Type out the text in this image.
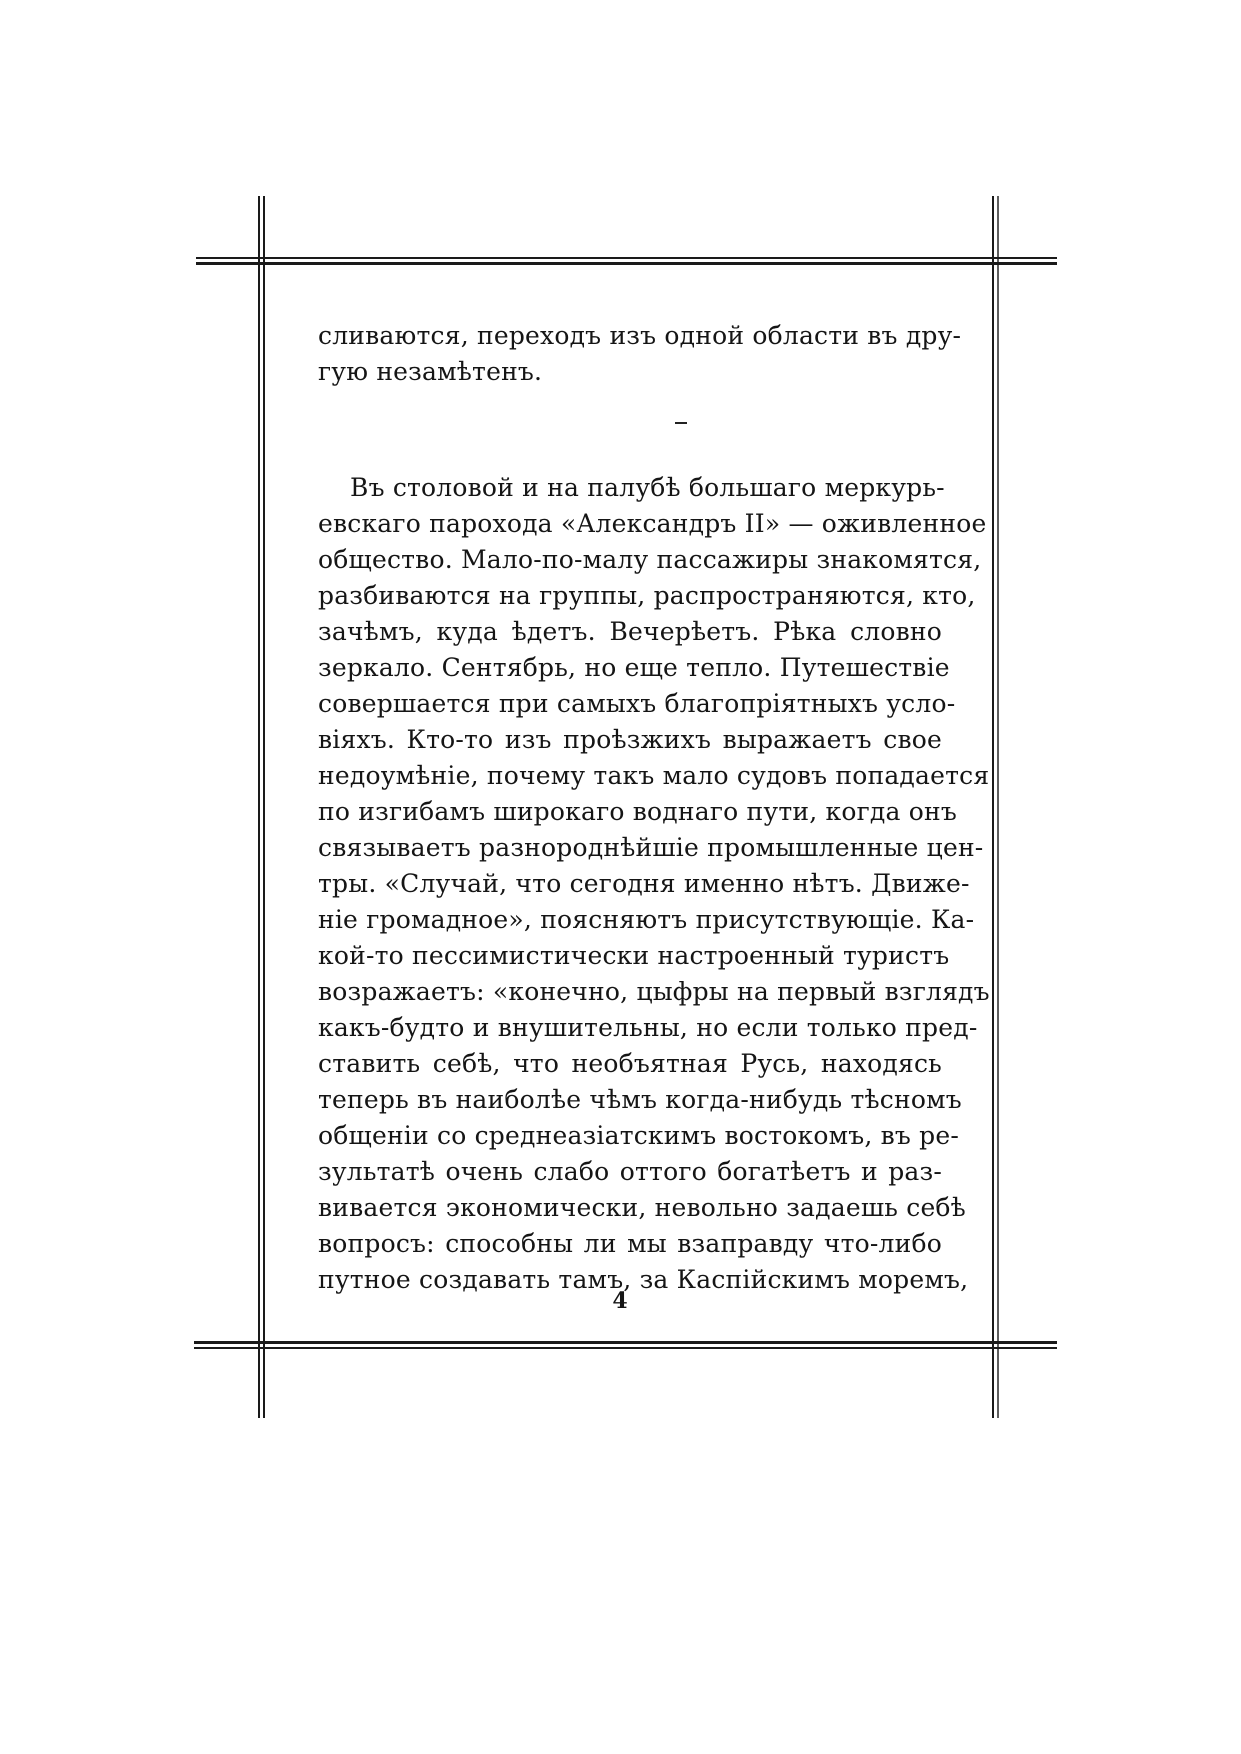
сливаются, переходъ изъ одной области въ дру-
гую незамѣтенъ.
Въ столовой и на палубѣ большаго меркурь-
евскаго парохода «Александръ II» — оживленное
общество. Мало-по-малу пассажиры знакомятся,
разбиваются на группы, распространяются, кто,
зачѣмъ, куда ѣдетъ. Вечерѣетъ. Рѣка словно
зеркало. Сентябрь, но еще тепло. Путешествіе
совершается при самыхъ благопріятныхъ усло-
віяхъ. Кто-то изъ проѣзжихъ выражаетъ свое
недоумѣніе, почему такъ мало судовъ попадается
по изгибамъ широкаго воднаго пути, когда онъ
связываетъ разнороднѣйшіе промышленные цен-
тры. «Случай, что сегодня именно нѣтъ. Движе-
ніе громадное», поясняютъ присутствующіе. Ка-
кой-то пессимистически настроенный туристъ
возражаетъ: «конечно, цыфры на первый взглядъ
какъ-будто и внушительны, но если только пред-
ставить себѣ, что необъятная Русь, находясь
теперь въ наиболѣе чѣмъ когда-нибудь тѣсномъ
общеніи со среднеазіатскимъ востокомъ, въ ре-
зультатѣ очень слабо оттого богатѣетъ и раз-
вивается экономически, невольно задаешь себѣ
вопросъ: способны ли мы взаправду что-либо
путное создавать тамъ, за Каспійскимъ моремъ,
4
